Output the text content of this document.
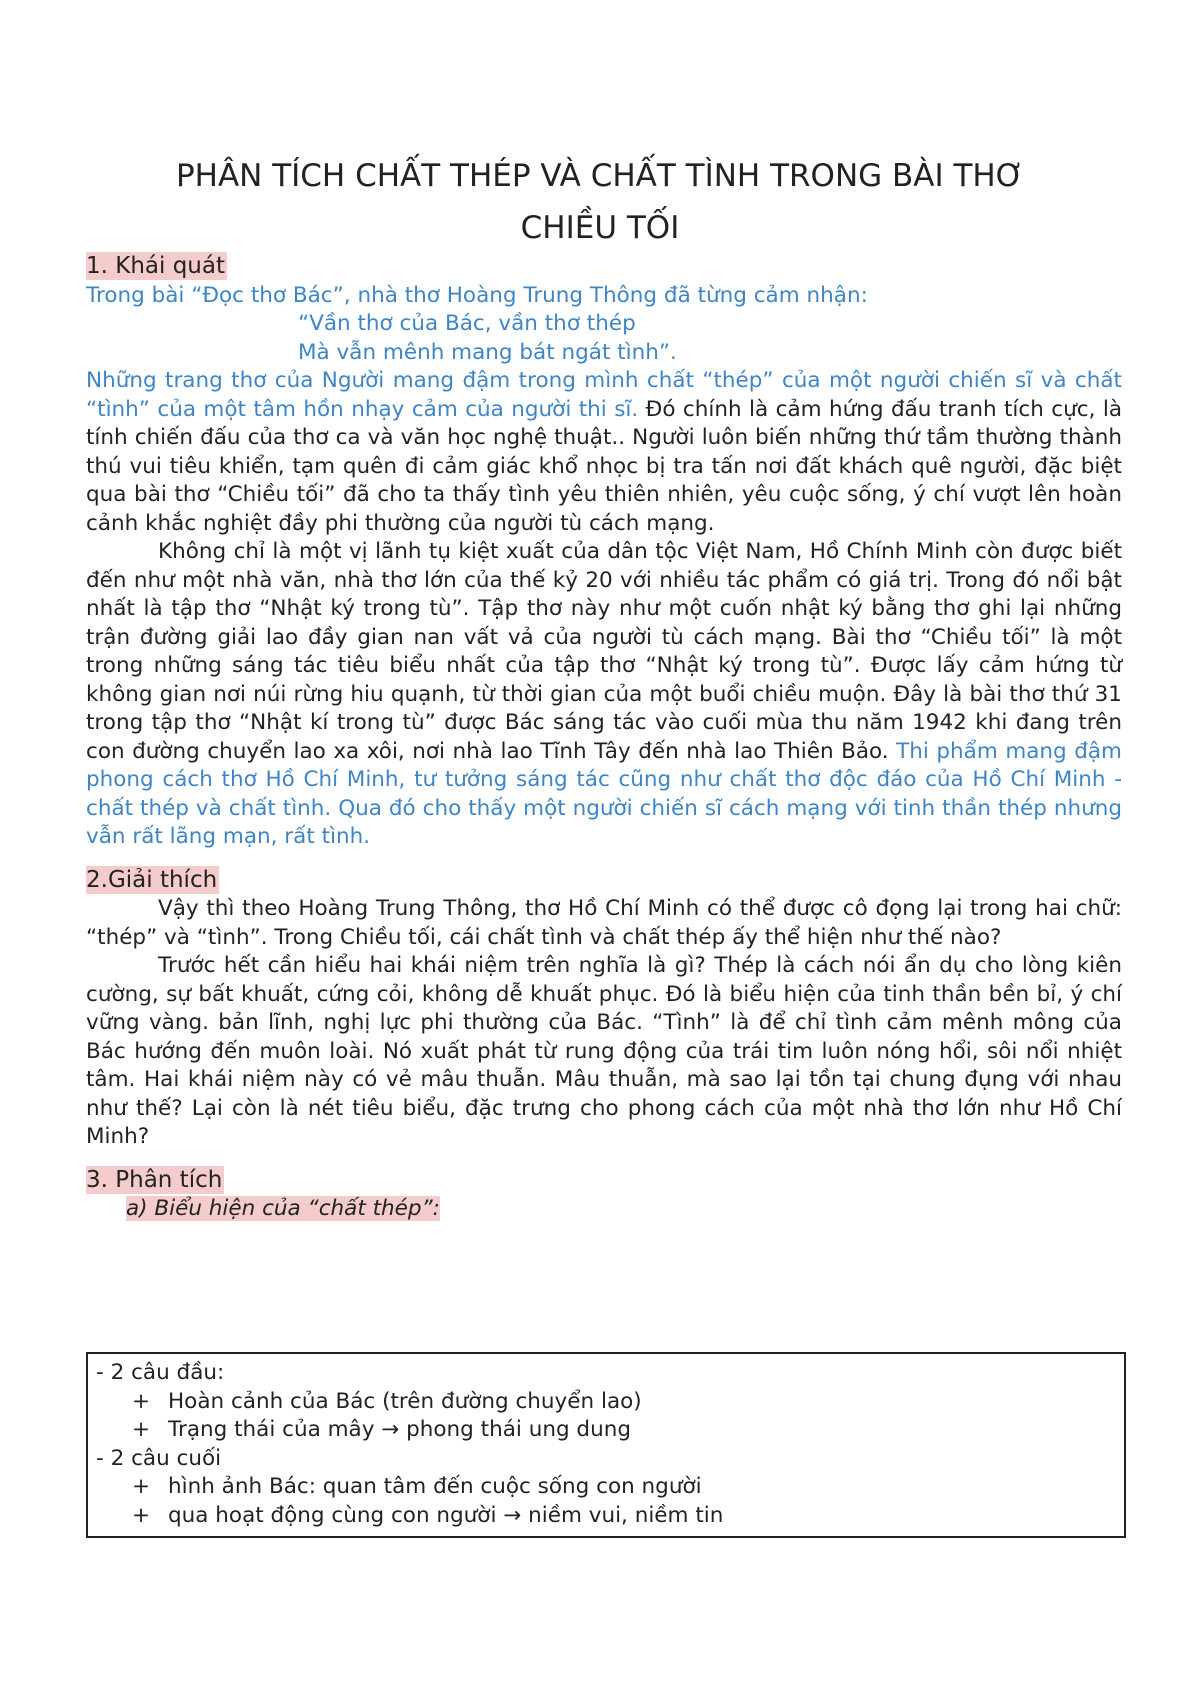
PHÂN TÍCH CHẤT THÉP VÀ CHẤT TÌNH TRONG BÀI THƠ
CHIỀU TỐI
1. Khái quát

Trong bài “Đọc thơ Bác”, nhà thơ Hoàng Trung Thông đã từng cảm nhận:

“Vần thơ của Bác, vần thơ thép

Mà vẫn mênh mang bát ngát tình”.

Những trang thơ của Người mang đậm trong mình chất “thép” của một người chiến sĩ và chất “tình” của một tâm hồn nhạy cảm của người thi sĩ. Đó chính là cảm hứng đấu tranh tích cực, là tính chiến đấu của thơ ca và văn học nghệ thuật.. Người luôn biến những thứ tầm thường thành thú vui tiêu khiển, tạm quên đi cảm giác khổ nhọc bị tra tấn nơi đất khách quê người, đặc biệt qua bài thơ “Chiều tối” đã cho ta thấy tình yêu thiên nhiên, yêu cuộc sống, ý chí vượt lên hoàn cảnh khắc nghiệt đầy phi thường của người tù cách mạng.

Không chỉ là một vị lãnh tụ kiệt xuất của dân tộc Việt Nam, Hồ Chính Minh còn được biết đến như một nhà văn, nhà thơ lớn của thế kỷ 20 với nhiều tác phẩm có giá trị. Trong đó nổi bật nhất là tập thơ “Nhật ký trong tù”. Tập thơ này như một cuốn nhật ký bằng thơ ghi lại những trận đường giải lao đầy gian nan vất vả của người tù cách mạng. Bài thơ “Chiều tối” là một trong những sáng tác tiêu biểu nhất của tập thơ “Nhật ký trong tù”. Được lấy cảm hứng từ không gian nơi núi rừng hiu quạnh, từ thời gian của một buổi chiều muộn. Đây là bài thơ thứ 31 trong tập thơ “Nhật kí trong tù” được Bác sáng tác vào cuối mùa thu năm 1942 khi đang trên con đường chuyển lao xa xôi, nơi nhà lao Tĩnh Tây đến nhà lao Thiên Bảo. Thi phẩm mang đậm phong cách thơ Hồ Chí Minh, tư tưởng sáng tác cũng như chất thơ độc đáo của Hồ Chí Minh - chất thép và chất tình. Qua đó cho thấy một người chiến sĩ cách mạng với tinh thần thép nhưng vẫn rất lãng mạn, rất tình.

2.Giải thích

Vậy thì theo Hoàng Trung Thông, thơ Hồ Chí Minh có thể được cô đọng lại trong hai chữ: “thép” và “tình”. Trong Chiều tối, cái chất tình và chất thép ấy thể hiện như thế nào?

Trước hết cần hiểu hai khái niệm trên nghĩa là gì? Thép là cách nói ẩn dụ cho lòng kiên cường, sự bất khuất, cứng cỏi, không dễ khuất phục. Đó là biểu hiện của tinh thần bền bỉ, ý chí vững vàng. bản lĩnh, nghị lực phi thường của Bác. “Tình” là để chỉ tình cảm mênh mông của Bác hướng đến muôn loài. Nó xuất phát từ rung động của trái tim luôn nóng hổi, sôi nổi nhiệt tâm. Hai khái niệm này có vẻ mâu thuẫn. Mâu thuẫn, mà sao lại tồn tại chung đụng với nhau như thế? Lại còn là nét tiêu biểu, đặc trưng cho phong cách của một nhà thơ lớn như Hồ Chí Minh?

3. Phân tích

a) Biểu hiện của “chất thép”:

- 2 câu đầu:
+ Hoàn cảnh của Bác (trên đường chuyển lao)
+ Trạng thái của mây → phong thái ung dung
- 2 câu cuối
+ hình ảnh Bác: quan tâm đến cuộc sống con người
+ qua hoạt động cùng con người → niềm vui, niềm tin
